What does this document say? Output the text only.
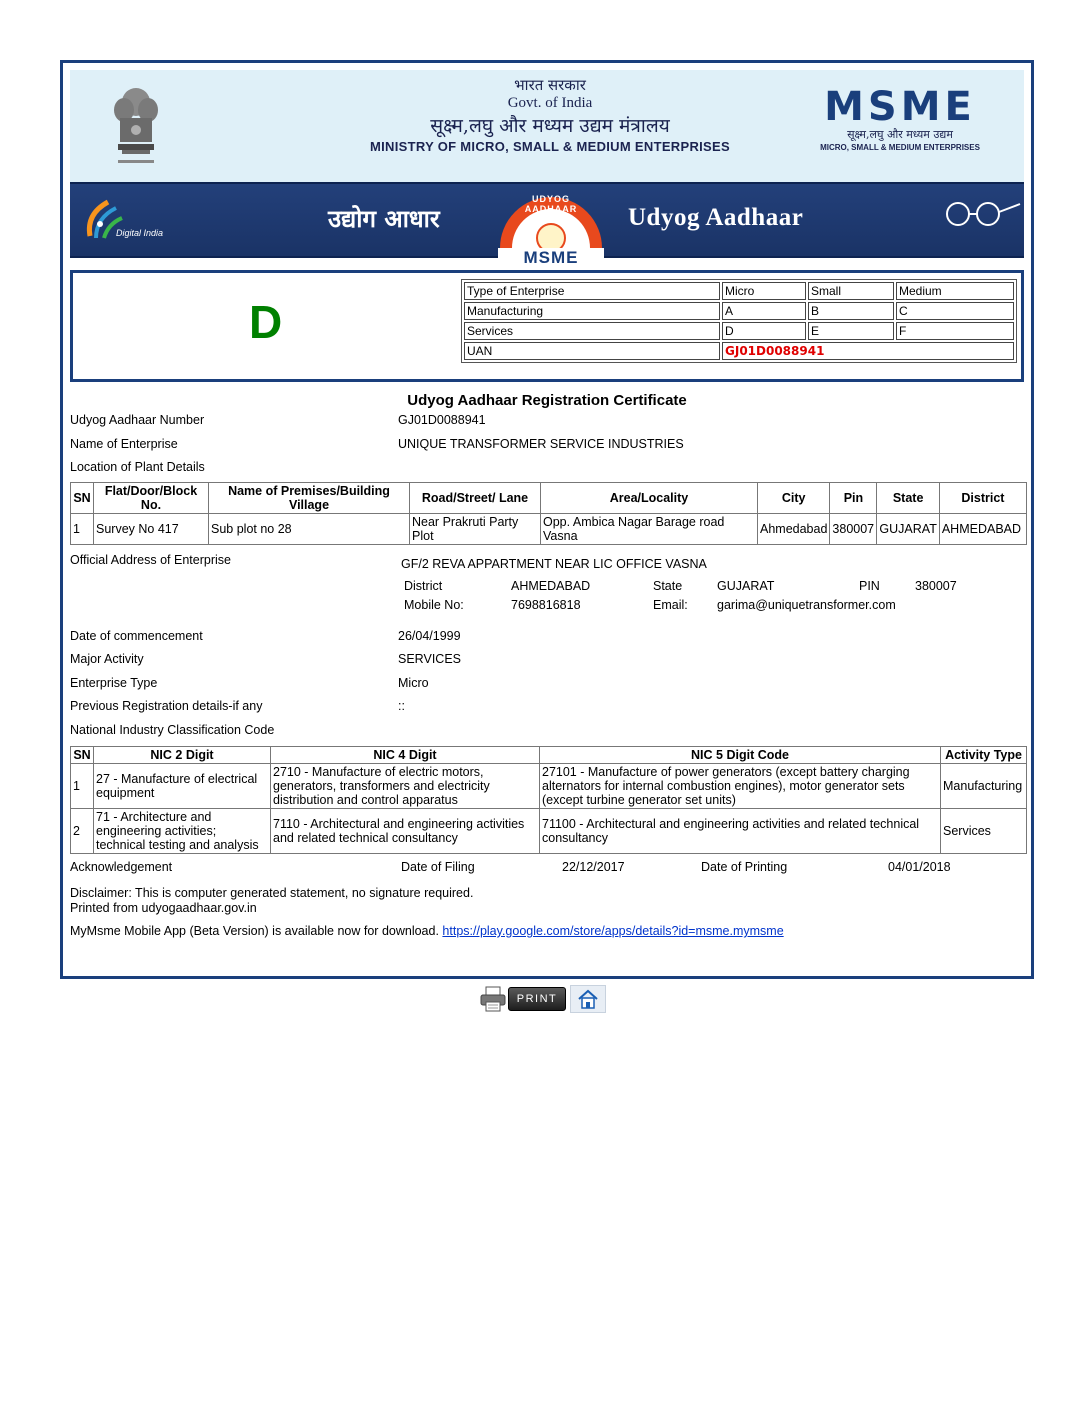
भारत सरकार
Govt. of India
सूक्ष्म,लघु और मध्यम उद्यम मंत्रालय
MINISTRY OF MICRO, SMALL & MEDIUM ENTERPRISES
MSME
सूक्ष्म,लघु और मध्यम उद्यम
MICRO, SMALL & MEDIUM ENTERPRISES
Digital India	उद्योग आधार
UDYOG AADHAAR
MSME
Udyog Aadhaar
D
Type of Enterprise	Micro	Small	Medium
Manufacturing	A	B	C
Services	D	E	F
UAN	GJ01D0088941		
Udyog Aadhaar Registration Certificate
Udyog Aadhaar Number	GJ01D0088941
Name of Enterprise	UNIQUE TRANSFORMER SERVICE INDUSTRIES
Location of Plant Details
SN	Flat/Door/Block No.	Name of Premises/Building Village	Road/Street/ Lane	Area/Locality	City	Pin	State	District
1	Survey No 417	Sub plot no 28	Near Prakruti Party Plot	Opp. Ambica Nagar Barage road Vasna	Ahmedabad	380007	GUJARAT	AHMEDABAD
Official Address of Enterprise	GF/2 REVA APPARTMENT NEAR LIC OFFICE VASNA
District	AHMEDABAD	State	GUJARAT	PIN	380007
Mobile No:	7698816818	Email: garima@uniquetransformer.com
Date of commencement	26/04/1999
Major Activity	SERVICES
Enterprise Type	Micro
Previous Registration details-if any	::
National Industry Classification Code
SN	NIC 2 Digit	NIC 4 Digit	NIC 5 Digit Code	Activity Type
1	27 - Manufacture of electrical equipment	2710 - Manufacture of electric motors, generators, transformers and electricity distribution and control apparatus	27101 - Manufacture of power generators (except battery charging alternators for internal combustion engines), motor generator sets (except turbine generator set units)	Manufacturing
2	71 - Architecture and engineering activities; technical testing and analysis	7110 - Architectural and engineering activities and related technical consultancy	71100 - Architectural and engineering activities and related technical consultancy	Services
Acknowledgement	Date of Filing	22/12/2017	Date of Printing	04/01/2018
Disclaimer: This is computer generated statement, no signature required.
Printed from udyogaadhaar.gov.in
MyMsme Mobile App (Beta Version) is available now for download. https://play.google.com/store/apps/details?id=msme.mymsme
PRINT
